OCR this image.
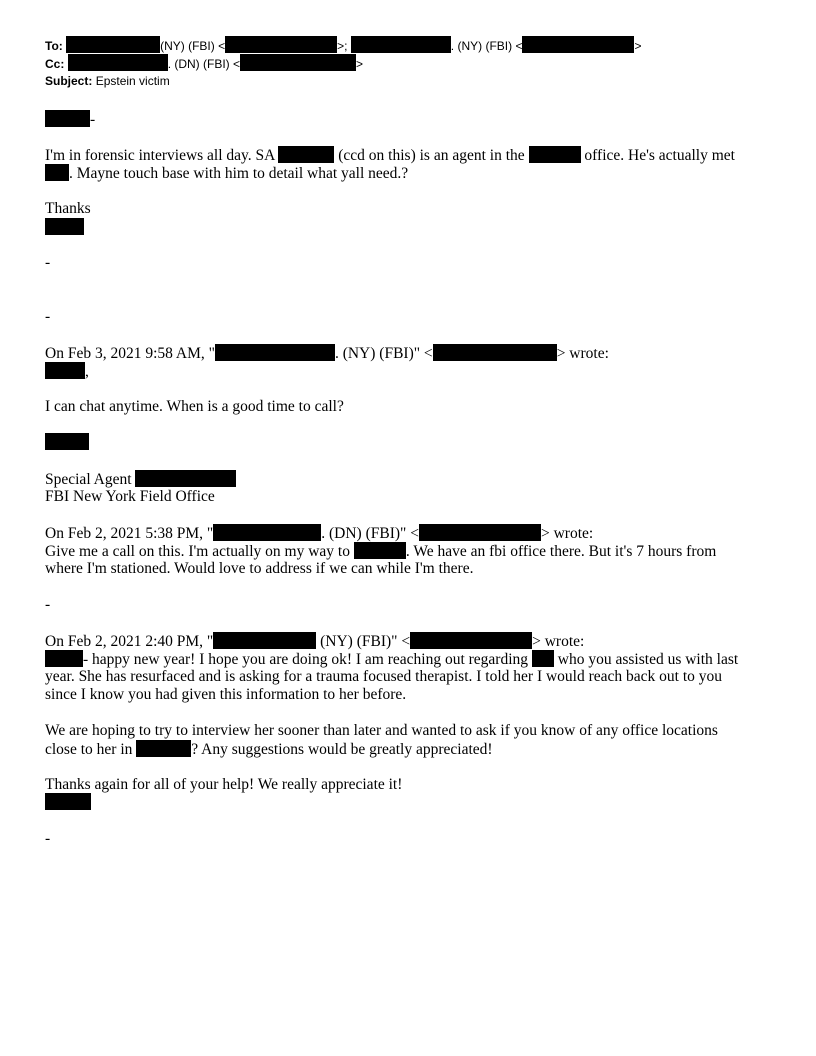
To:	(NY) (FBI) <	>;	. (NY) (FBI) <	>
Cc:	. (DN) (FBI) <	>
Subject: Epstein victim
-
I'm in forensic interviews all day. SA	(ccd on this) is an agent in the	office. He's actually met
. Mayne touch base with him to detail what yall need.?
Thanks
-
-
On Feb 3, 2021 9:58 AM, "	. (NY) (FBI)" <	> wrote:
,
I can chat anytime. When is a good time to call?
Special Agent
FBI New York Field Office
On Feb 2, 2021 5:38 PM, "	. (DN) (FBI)" <	> wrote:
Give me a call on this. I'm actually on my way to	. We have an fbi office there. But it's 7 hours from
where I'm stationed. Would love to address if we can while I'm there.
-
On Feb 2, 2021 2:40 PM, "	(NY) (FBI)" <	> wrote:
- happy new year! I hope you are doing ok! I am reaching out regarding who you assisted us with last
year. She has resurfaced and is asking for a trauma focused therapist. I told her I would reach back out to you
since I know you had given this information to her before.
We are hoping to try to interview her sooner than later and wanted to ask if you know of any office locations
close to her in	? Any suggestions would be greatly appreciated!
Thanks again for all of your help! We really appreciate it!
-
